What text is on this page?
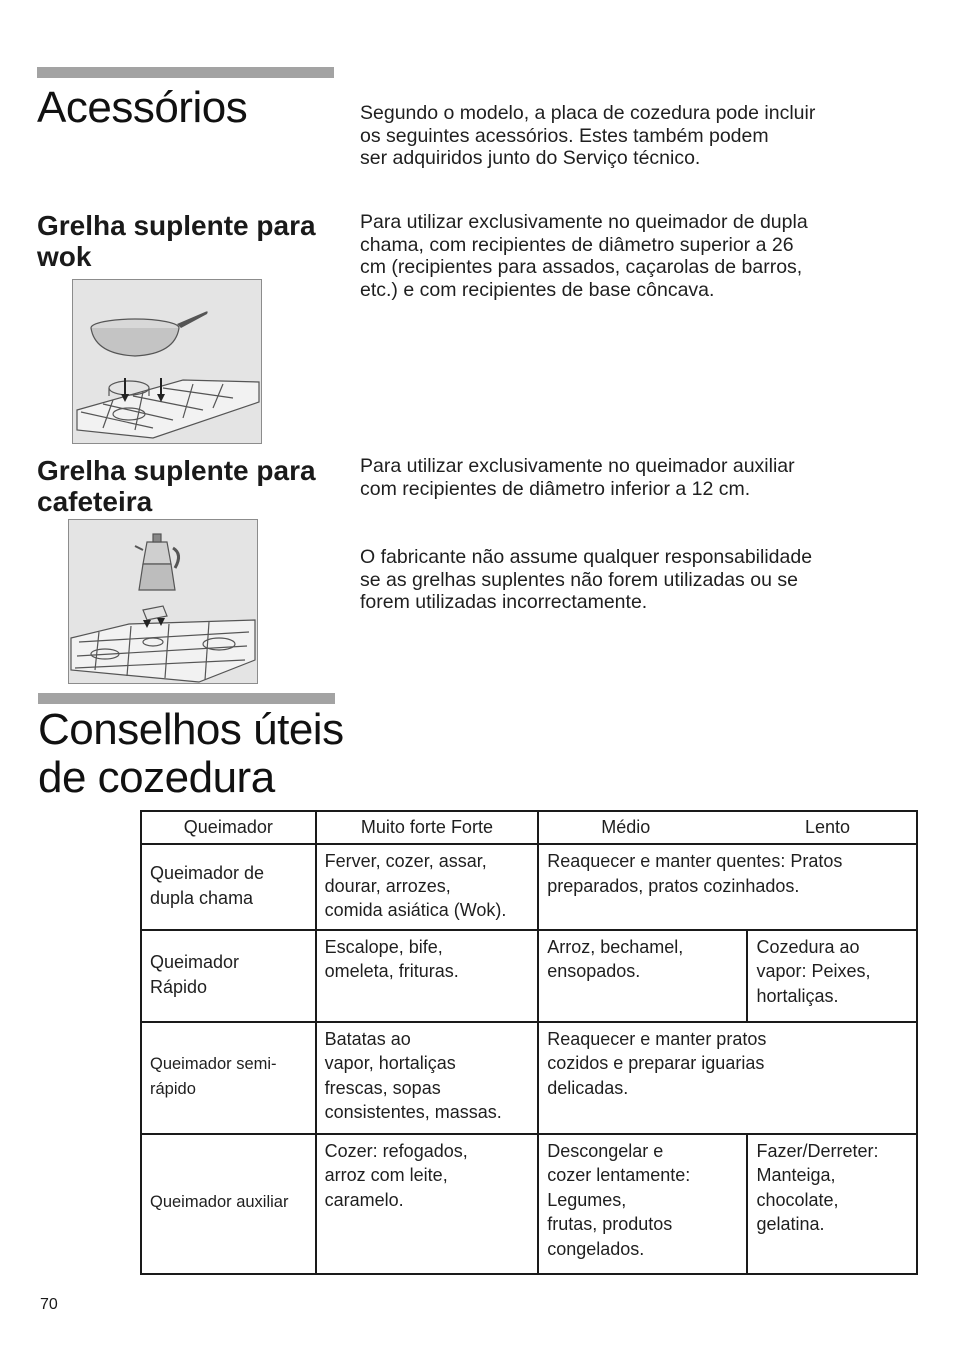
Acessórios	Segundo o modelo, a placa de cozedura pode incluir
os seguintes acessórios. Estes também podem
ser adquiridos junto do Serviço técnico.
Grelha suplente para
wok
Para utilizar exclusivamente no queimador de dupla
chama, com recipientes de diâmetro superior a 26
cm (recipientes para assados, caçarolas de barros,
etc.) e com recipientes de base côncava.
Grelha suplente para
cafeteira
Para utilizar exclusivamente no queimador auxiliar
com recipientes de diâmetro inferior a 12 cm.
O fabricante não assume qualquer responsabilidade
se as grelhas suplentes não forem utilizadas ou se
forem utilizadas incorrectamente.
Conselhos úteis
de cozedura
Queimador	Muito forte Forte	Médio Lento	

Queimador de
dupla chama	Ferver, cozer, assar,
dourar, arrozes,
comida asiática (Wok).	Reaquecer e manter quentes: Pratos
preparados, pratos cozinhados.	

Queimador
Rápido	Escalope, bife,
omeleta, frituras.	Arroz, bechamel,
ensopados.	Cozedura ao
vapor: Peixes,
hortaliças.

Queimador semi-
rápido	Batatas ao
vapor, hortaliças
frescas, sopas
consistentes, massas.	Reaquecer e manter pratos
cozidos e preparar iguarias
delicadas.	

Queimador auxiliar	Cozer: refogados,
arroz com leite,
caramelo.	Descongelar e
cozer lentamente:
Legumes,
frutas, produtos
congelados.	Fazer/Derreter:
Manteiga,
chocolate,
gelatina.
70
